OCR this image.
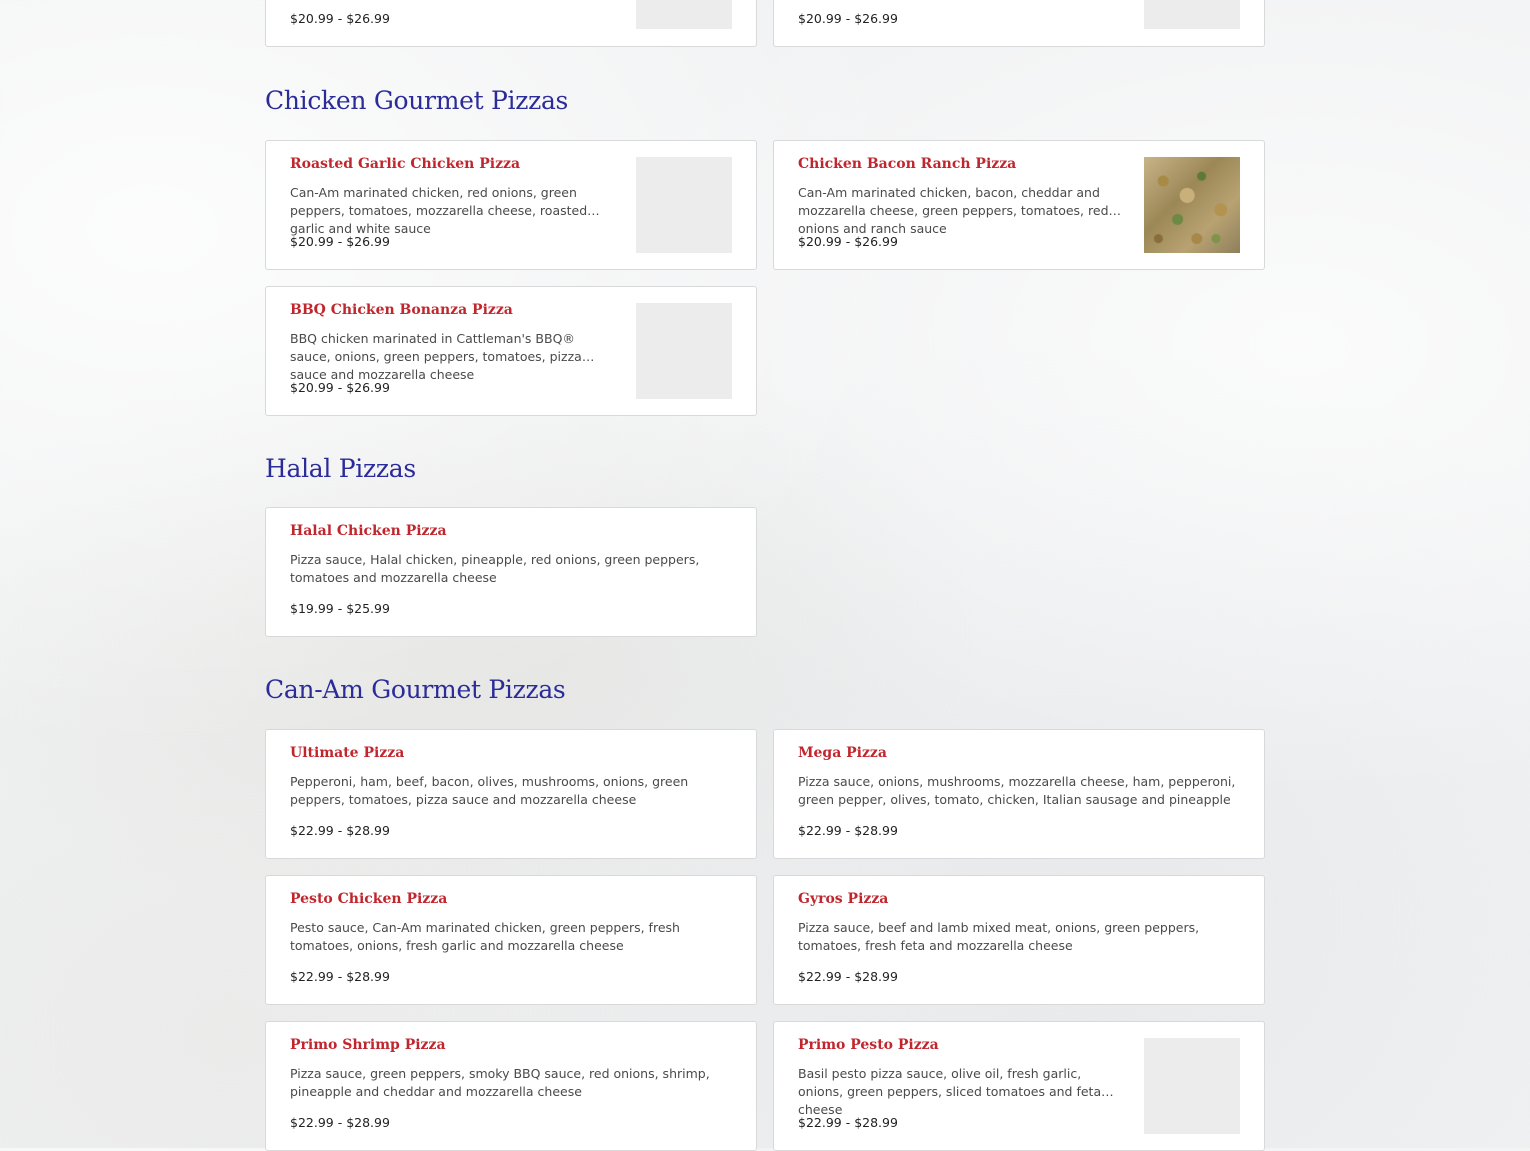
$20.99 - $26.99	$20.99 - $26.99
Chicken Gourmet Pizzas
Roasted Garlic Chicken Pizza
Can-Am marinated chicken, red onions, green peppers, tomatoes, mozzarella cheese, roasted garlic and white sauce
$20.99 - $26.99
Chicken Bacon Ranch Pizza
Can-Am marinated chicken, bacon, cheddar and mozzarella cheese, green peppers, tomatoes, red onions and ranch sauce
$20.99 - $26.99
BBQ Chicken Bonanza Pizza
BBQ chicken marinated in Cattleman's BBQ® sauce, onions, green peppers, tomatoes, pizza sauce and mozzarella cheese
$20.99 - $26.99
Halal Pizzas
Halal Chicken Pizza
Pizza sauce, Halal chicken, pineapple, red onions, green peppers, tomatoes and mozzarella cheese
$19.99 - $25.99
Can-Am Gourmet Pizzas
Ultimate Pizza
Pepperoni, ham, beef, bacon, olives, mushrooms, onions, green peppers, tomatoes, pizza sauce and mozzarella cheese
$22.99 - $28.99
Mega Pizza
Pizza sauce, onions, mushrooms, mozzarella cheese, ham, pepperoni, green pepper, olives, tomato, chicken, Italian sausage and pineapple
$22.99 - $28.99
Pesto Chicken Pizza
Pesto sauce, Can-Am marinated chicken, green peppers, fresh tomatoes, onions, fresh garlic and mozzarella cheese
$22.99 - $28.99
Gyros Pizza
Pizza sauce, beef and lamb mixed meat, onions, green peppers, tomatoes, fresh feta and mozzarella cheese
$22.99 - $28.99
Primo Shrimp Pizza
Pizza sauce, green peppers, smoky BBQ sauce, red onions, shrimp, pineapple and cheddar and mozzarella cheese
$22.99 - $28.99
Primo Pesto Pizza
Basil pesto pizza sauce, olive oil, fresh garlic, onions, green peppers, sliced tomatoes and feta cheese
$22.99 - $28.99
